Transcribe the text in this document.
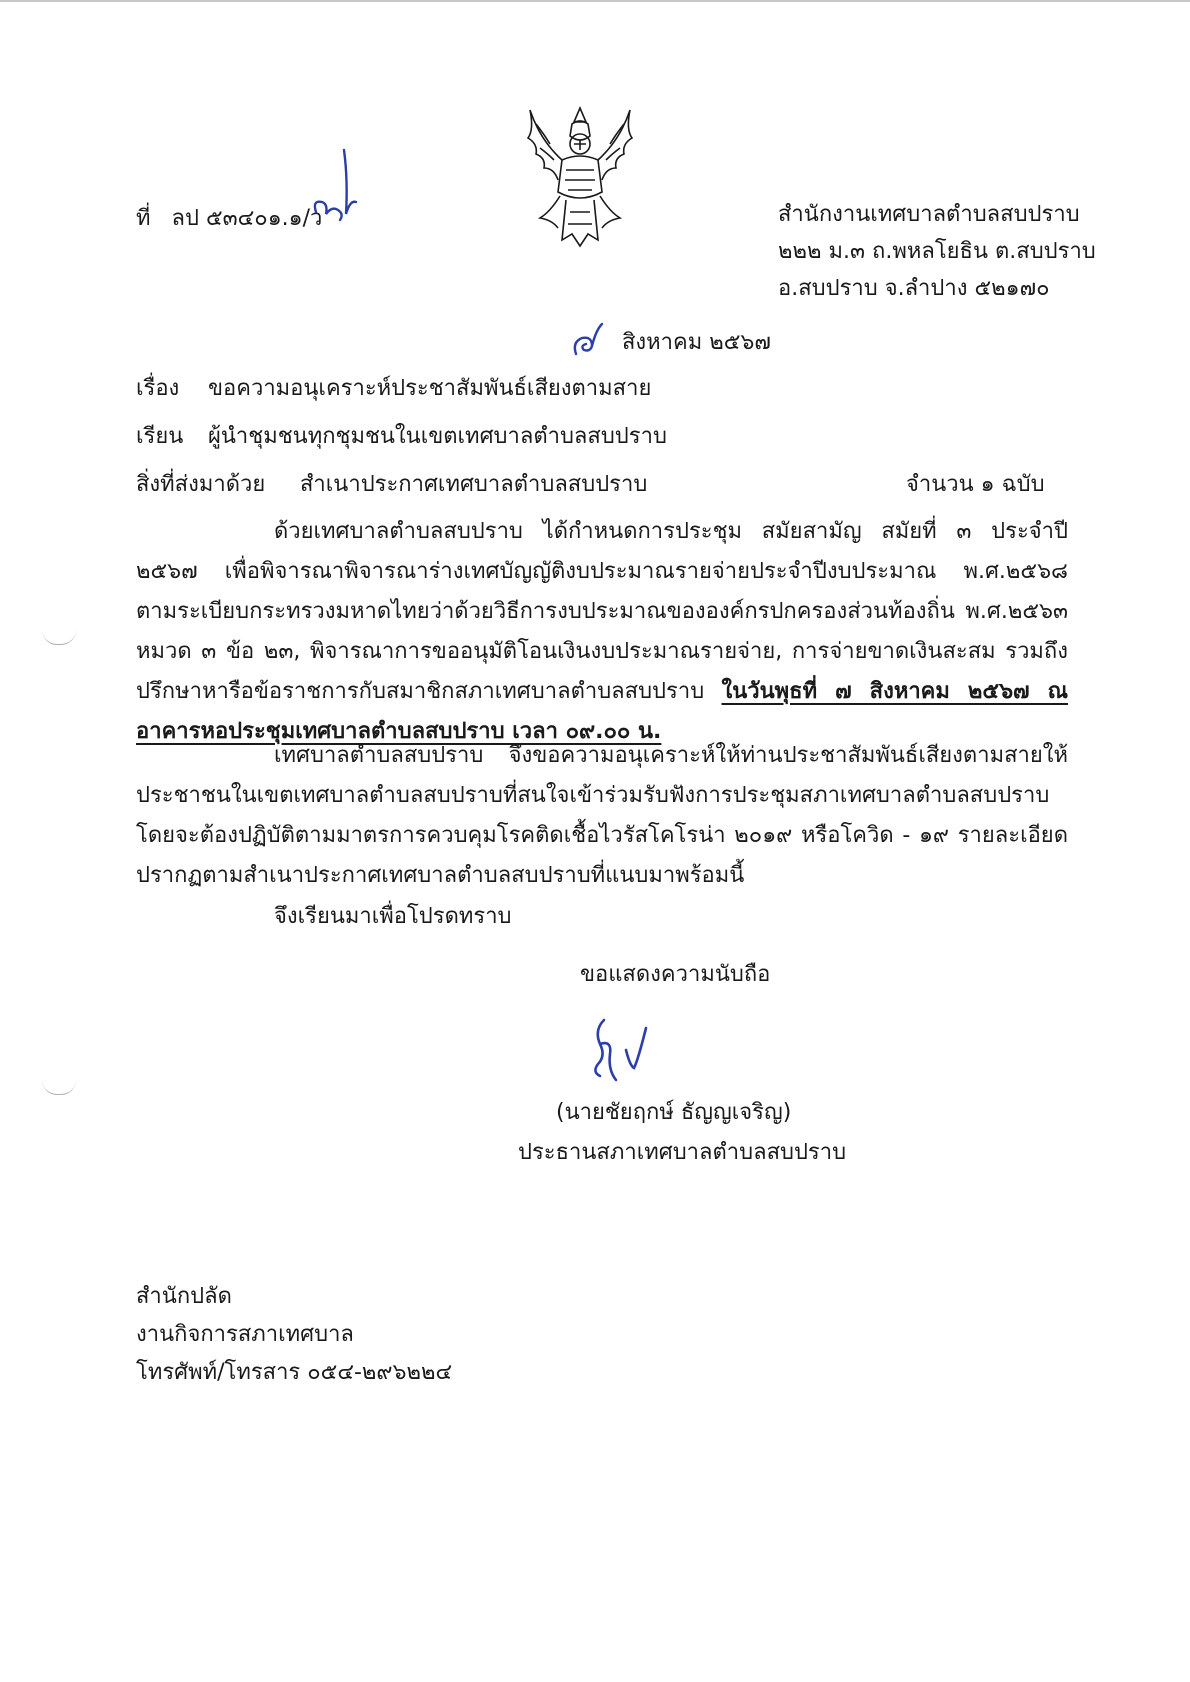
ที่ ลป ๕๓๔๐๑.๑/ว	สำนักงานเทศบาลตำบลสบปราบ
๒๒๒ ม.๓ ถ.พหลโยธิน ต.สบปราบ
อ.สบปราบ จ.ลำปาง ๕๒๑๗๐
สิงหาคม ๒๕๖๗
เรื่อง ขอความอนุเคราะห์ประชาสัมพันธ์เสียงตามสาย
เรียน ผู้นำชุมชนทุกชุมชนในเขตเทศบาลตำบลสบปราบ
สิ่งที่ส่งมาด้วย สำเนาประกาศเทศบาลตำบลสบปราบ	จำนวน ๑ ฉบับ

ด้วยเทศบาลตำบลสบปราบ ได้กำหนดการประชุม สมัยสามัญ สมัยที่ ๓ ประจำปี ๒๕๖๗ เพื่อพิจารณาพิจารณาร่างเทศบัญญัติงบประมาณรายจ่ายประจำปีงบประมาณ พ.ศ.๒๕๖๘ ตามระเบียบกระทรวงมหาดไทยว่าด้วยวิธีการงบประมาณขององค์กรปกครองส่วนท้องถิ่น พ.ศ.๒๕๖๓ หมวด ๓ ข้อ ๒๓, พิจารณาการขออนุมัติโอนเงินงบประมาณรายจ่าย, การจ่ายขาดเงินสะสม รวมถึงปรึกษาหารือข้อราชการกับสมาชิกสภาเทศบาลตำบลสบปราบ ในวันพุธที่ ๗ สิงหาคม ๒๕๖๗ ณ อาคารหอประชุมเทศบาลตำบลสบปราบ เวลา ๐๙.๐๐ น.

เทศบาลตำบลสบปราบ จึงขอความอนุเคราะห์ให้ท่านประชาสัมพันธ์เสียงตามสายให้ประชาชนในเขตเทศบาลตำบลสบปราบที่สนใจเข้าร่วมรับฟังการประชุมสภาเทศบาลตำบลสบปราบ โดยจะต้องปฏิบัติตามมาตรการควบคุมโรคติดเชื้อไวรัสโคโรน่า ๒๐๑๙ หรือโควิด - ๑๙ รายละเอียดปรากฏตามสำเนาประกาศเทศบาลตำบลสบปราบที่แนบมาพร้อมนี้

จึงเรียนมาเพื่อโปรดทราบ
ขอแสดงความนับถือ
(นายชัยฤกษ์ ธัญญเจริญ)
ประธานสภาเทศบาลตำบลสบปราบ
สำนักปลัด
งานกิจการสภาเทศบาล
โทรศัพท์/โทรสาร ๐๕๔-๒๙๖๒๒๔
